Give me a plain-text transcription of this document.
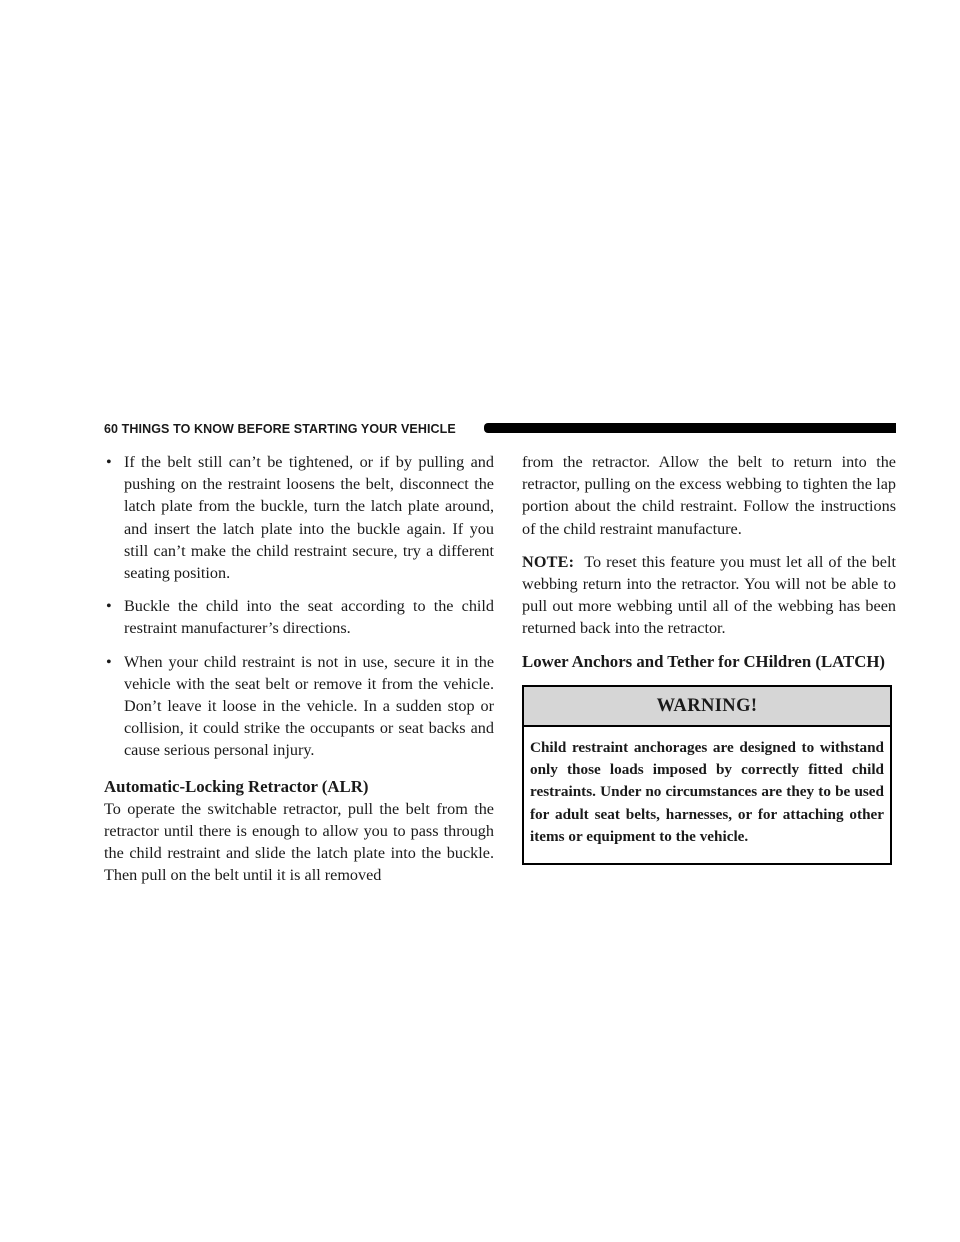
60 THINGS TO KNOW BEFORE STARTING YOUR VEHICLE
• If the belt still can’t be tightened, or if by pulling and pushing on the restraint loosens the belt, disconnect the latch plate from the buckle, turn the latch plate around, and insert the latch plate into the buckle again. If you still can’t make the child restraint secure, try a different seating position.
• Buckle the child into the seat according to the child restraint manufacturer’s directions.
• When your child restraint is not in use, secure it in the vehicle with the seat belt or remove it from the vehicle. Don’t leave it loose in the vehicle. In a sudden stop or collision, it could strike the occupants or seat backs and cause serious personal injury.
Automatic-Locking Retractor (ALR)

To operate the switchable retractor, pull the belt from the retractor until there is enough to allow you to pass through the child restraint and slide the latch plate into the buckle. Then pull on the belt until it is all removed

from the retractor. Allow the belt to return into the retractor, pulling on the excess webbing to tighten the lap portion about the child restraint. Follow the instructions of the child restraint manufacture.

NOTE: To reset this feature you must let all of the belt webbing return into the retractor. You will not be able to pull out more webbing until all of the webbing has been returned back into the retractor.

Lower Anchors and Tether for CHildren (LATCH)
WARNING!
Child restraint anchorages are designed to withstand only those loads imposed by correctly fitted child restraints. Under no circumstances are they to be used for adult seat belts, harnesses, or for attaching other items or equipment to the vehicle.
